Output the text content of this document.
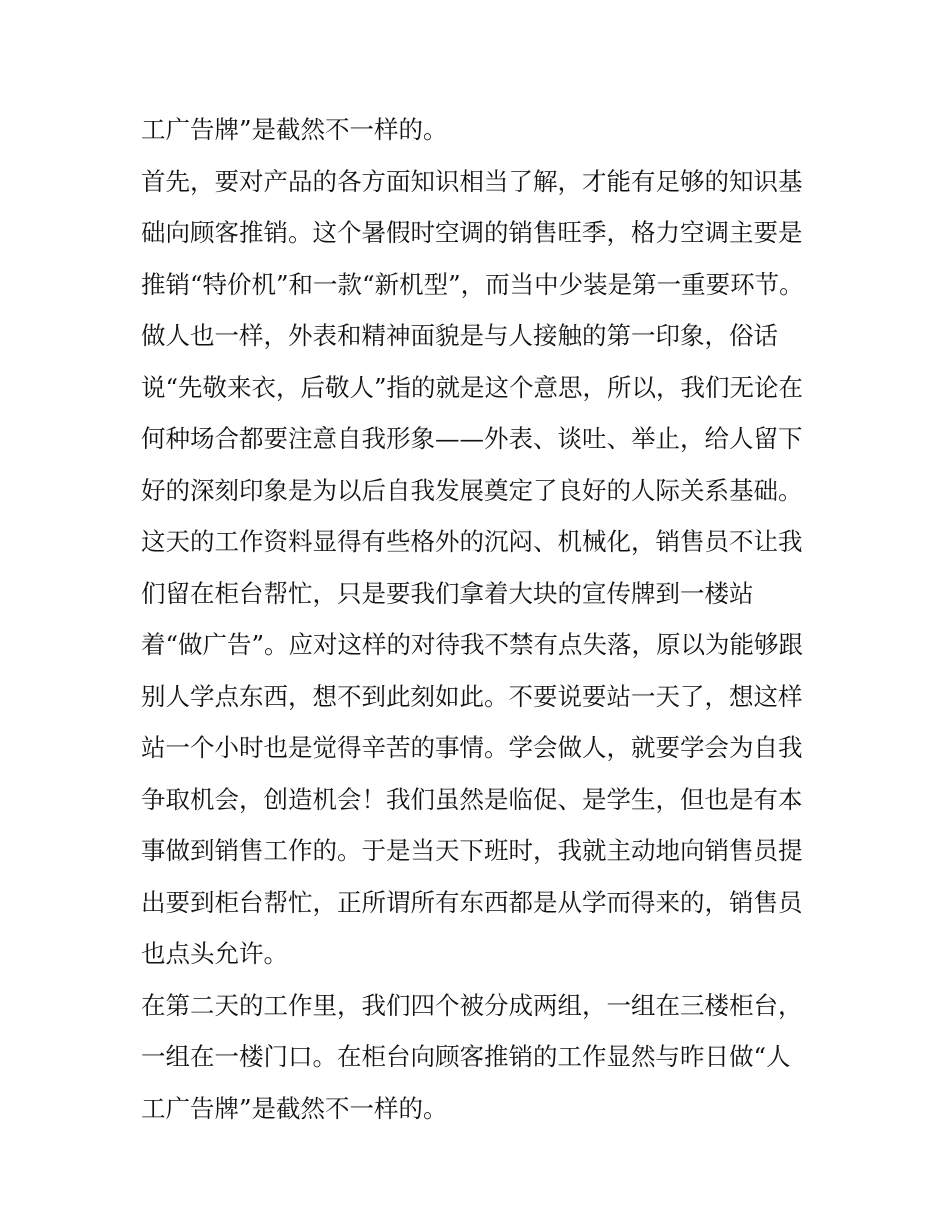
工广告牌”是截然不一样的。
首先，要对产品的各方面知识相当了解，才能有足够的知识基
础向顾客推销。这个暑假时空调的销售旺季，格力空调主要是
推销“特价机”和一款“新机型”，而当中少装是第一重要环节。
做人也一样，外表和精神面貌是与人接触的第一印象，俗话
说“先敬来衣，后敬人”指的就是这个意思，所以，我们无论在
何种场合都要注意自我形象——外表、谈吐、举止，给人留下
好的深刻印象是为以后自我发展奠定了良好的人际关系基础。
这天的工作资料显得有些格外的沉闷、机械化，销售员不让我
们留在柜台帮忙，只是要我们拿着大块的宣传牌到一楼站
着“做广告”。应对这样的对待我不禁有点失落，原以为能够跟
别人学点东西，想不到此刻如此。不要说要站一天了，想这样
站一个小时也是觉得辛苦的事情。学会做人，就要学会为自我
争取机会，创造机会！我们虽然是临促、是学生，但也是有本
事做到销售工作的。于是当天下班时，我就主动地向销售员提
出要到柜台帮忙，正所谓所有东西都是从学而得来的，销售员
也点头允许。
在第二天的工作里，我们四个被分成两组，一组在三楼柜台，
一组在一楼门口。在柜台向顾客推销的工作显然与昨日做“人
工广告牌”是截然不一样的。
